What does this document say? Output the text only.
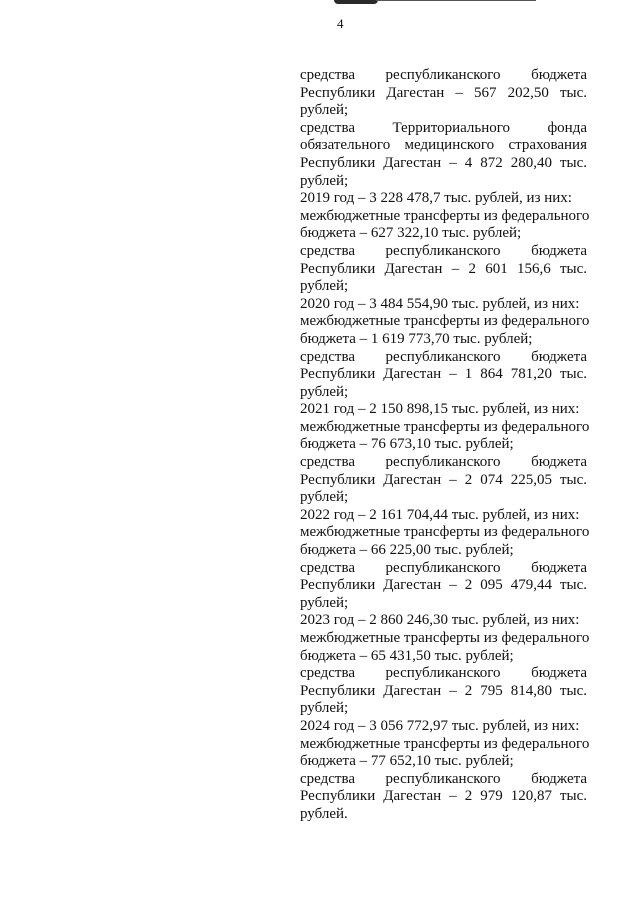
4
средства республиканского бюджета
Республики Дагестан – 567 202,50 тыс.
рублей;
средства Территориального фонда
обязательного медицинского страхования
Республики Дагестан – 4 872 280,40 тыс.
рублей;
2019 год – 3 228 478,7 тыс. рублей, из них:
межбюджетные трансферты из федерального
бюджета – 627 322,10 тыс. рублей;
средства республиканского бюджета
Республики Дагестан – 2 601 156,6 тыс.
рублей;
2020 год – 3 484 554,90 тыс. рублей, из них:
межбюджетные трансферты из федерального
бюджета – 1 619 773,70 тыс. рублей;
средства республиканского бюджета
Республики Дагестан – 1 864 781,20 тыс.
рублей;
2021 год – 2 150 898,15 тыс. рублей, из них:
межбюджетные трансферты из федерального
бюджета – 76 673,10 тыс. рублей;
средства республиканского бюджета
Республики Дагестан – 2 074 225,05 тыс.
рублей;
2022 год – 2 161 704,44 тыс. рублей, из них:
межбюджетные трансферты из федерального
бюджета – 66 225,00 тыс. рублей;
средства республиканского бюджета
Республики Дагестан – 2 095 479,44 тыс.
рублей;
2023 год – 2 860 246,30 тыс. рублей, из них:
межбюджетные трансферты из федерального
бюджета – 65 431,50 тыс. рублей;
средства республиканского бюджета
Республики Дагестан – 2 795 814,80 тыс.
рублей;
2024 год – 3 056 772,97 тыс. рублей, из них:
межбюджетные трансферты из федерального
бюджета – 77 652,10 тыс. рублей;
средства республиканского бюджета
Республики Дагестан – 2 979 120,87 тыс.
рублей.
